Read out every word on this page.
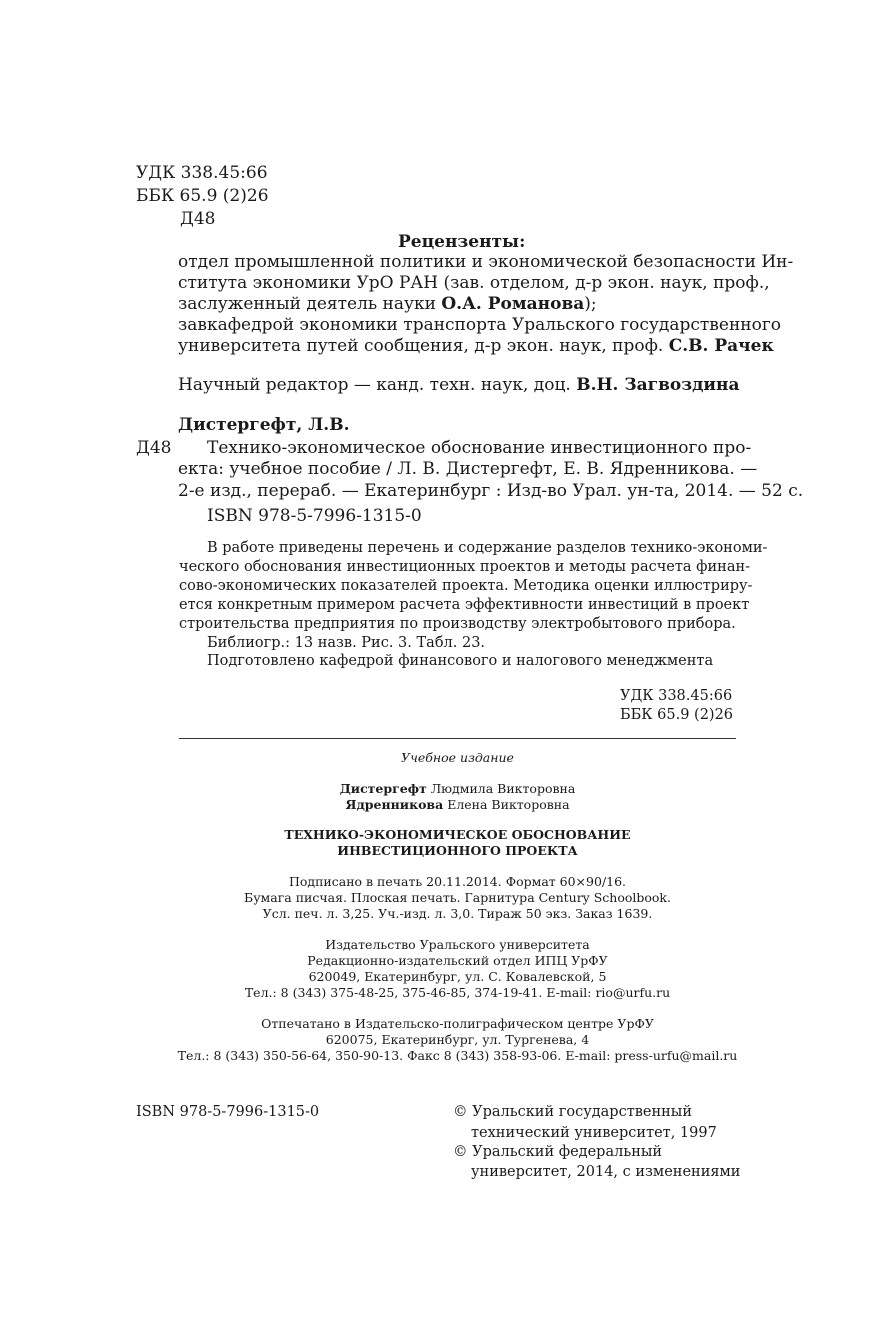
УДК 338.45:66
ББК 65.9 (2)26
Д48
Рецензенты:
отдел промышленной политики и экономической безопасности Ин-
ститута экономики УрО РАН (зав. отделом, д-р экон. наук, проф.,
заслуженный деятель науки О.А. Романова);
завкафедрой экономики транспорта Уральского государственного
университета путей сообщения, д-р экон. наук, проф. С.В. Рачек
Научный редактор — канд. техн. наук, доц. В.Н. Загвоздина
Дистергефт, Л.В.
Д48 Технико-экономическое обоснование инвестиционного про-
екта: учебное пособие / Л. В. Дистергефт, Е. В. Ядренникова. —
2-е изд., перераб. — Екатеринбург : Изд-во Урал. ун-та, 2014. — 52 с.
ISBN 978-5-7996-1315-0
В работе приведены перечень и содержание разделов технико-экономи-
ческого обоснования инвестиционных проектов и методы расчета финан-
сово-экономических показателей проекта. Методика оценки иллюстриру-
ется конкретным примером расчета эффективности инвестиций в проект
строительства предприятия по производству электробытового прибора.
Библиогр.: 13 назв. Рис. 3. Табл. 23.
Подготовлено кафедрой финансового и налогового менеджмента
УДК 338.45:66
ББК 65.9 (2)26
Учебное издание
Дистергефт Людмила Викторовна
Ядренникова Елена Викторовна
ТЕХНИКО-ЭКОНОМИЧЕСКОЕ ОБОСНОВАНИЕ
ИНВЕСТИЦИОННОГО ПРОЕКТА
Подписано в печать 20.11.2014. Формат 60×90/16.
Бумага писчая. Плоская печать. Гарнитура Century Schoolbook.
Усл. печ. л. 3,25. Уч.-изд. л. 3,0. Тираж 50 экз. Заказ 1639.
Издательство Уральского университета
Редакционно-издательский отдел ИПЦ УрФУ
620049, Екатеринбург, ул. С. Ковалевской, 5
Тел.: 8 (343) 375-48-25, 375-46-85, 374-19-41. E-mail: rio@urfu.ru
Отпечатано в Издательско-полиграфическом центре УрФУ
620075, Екатеринбург, ул. Тургенева, 4
Тел.: 8 (343) 350-56-64, 350-90-13. Факс 8 (343) 358-93-06. E-mail: press-urfu@mail.ru
ISBN 978-5-7996-1315-0	© Уральский государственный
технический университет, 1997
© Уральский федеральный
университет, 2014, с изменениями
